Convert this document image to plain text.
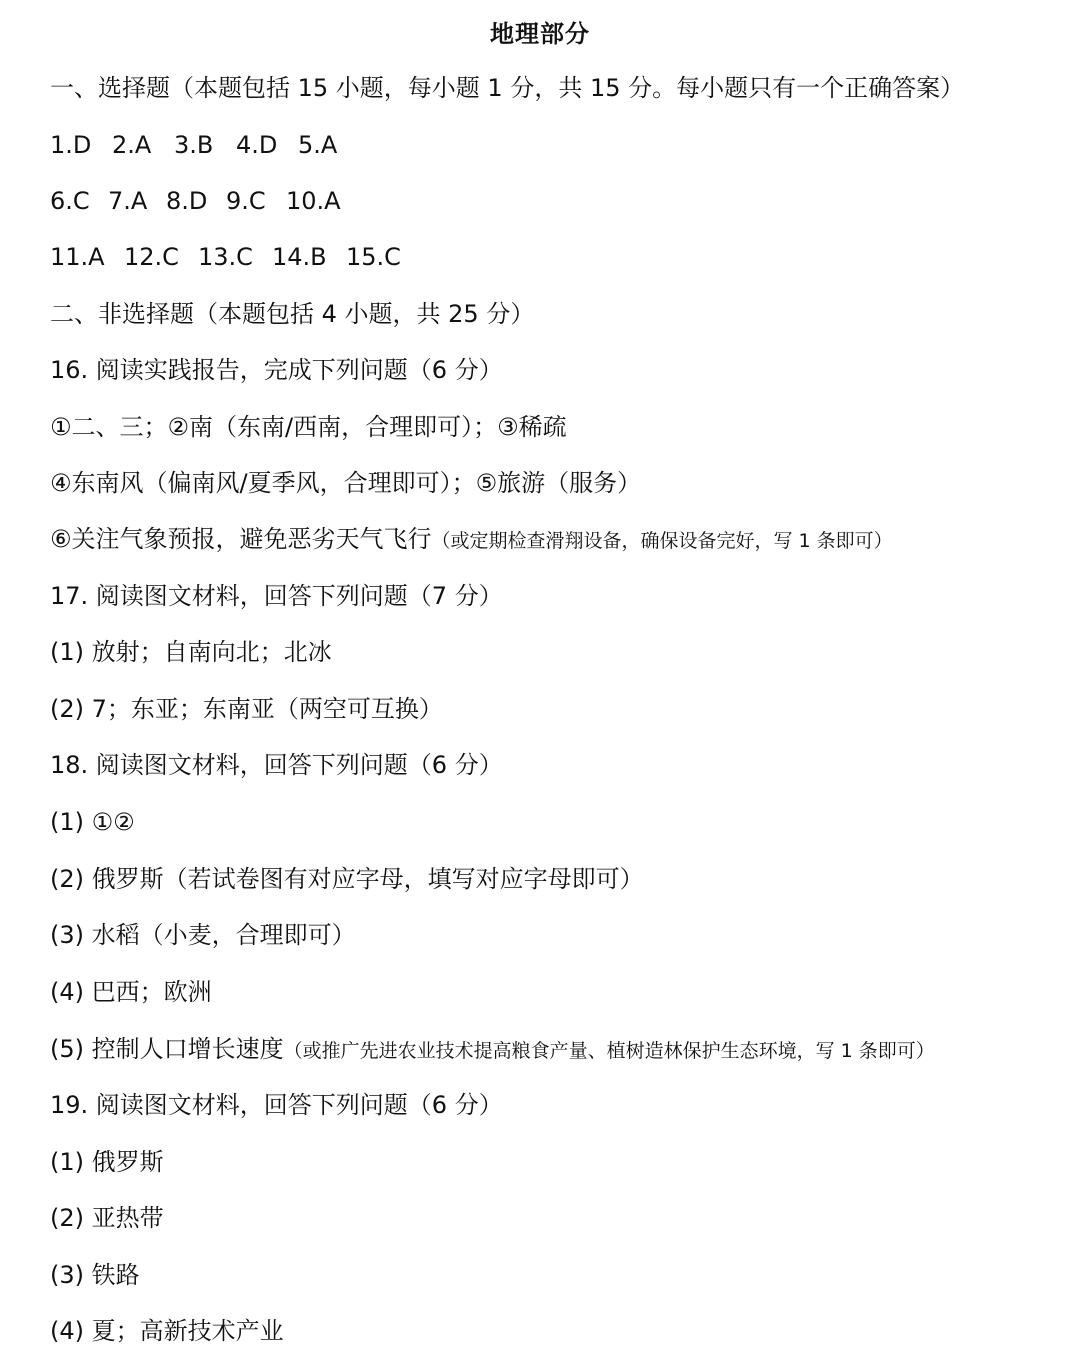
地理部分
一、选择题（本题包括 15 小题，每小题 1 分，共 15 分。每小题只有一个正确答案）
1.D 2.A 3.B 4.D 5.A
6.C 7.A 8.D 9.C 10.A
11.A 12.C 13.C 14.B 15.C
二、非选择题（本题包括 4 小题，共 25 分）
16. 阅读实践报告，完成下列问题（6 分）
①二、三；②南（东南/西南，合理即可）；③稀疏
④东南风（偏南风/夏季风，合理即可）；⑤旅游（服务）
⑥关注气象预报，避免恶劣天气飞行（或定期检查滑翔设备，确保设备完好，写 1 条即可）
17. 阅读图文材料，回答下列问题（7 分）
(1) 放射；自南向北；北冰
(2) 7；东亚；东南亚（两空可互换）
18. 阅读图文材料，回答下列问题（6 分）
(1) ①②
(2) 俄罗斯（若试卷图有对应字母，填写对应字母即可）
(3) 水稻（小麦，合理即可）
(4) 巴西；欧洲
(5) 控制人口增长速度（或推广先进农业技术提高粮食产量、植树造林保护生态环境，写 1 条即可）
19. 阅读图文材料，回答下列问题（6 分）
(1) 俄罗斯
(2) 亚热带
(3) 铁路
(4) 夏；高新技术产业
